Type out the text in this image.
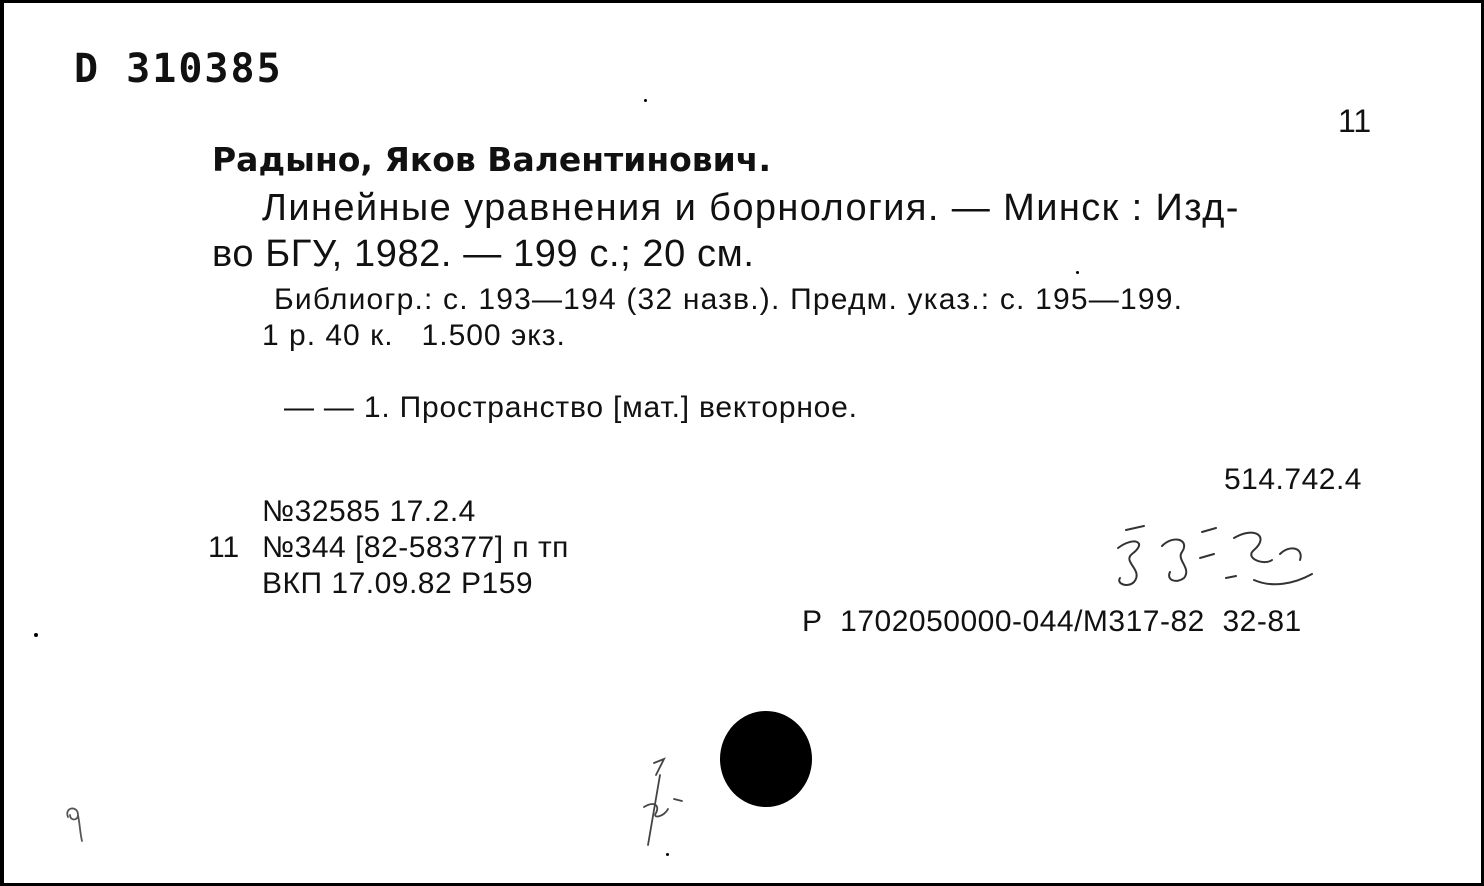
D 310385
11
Радыно, Яков Валентинович.
Линейные уравнения и борнология. — Минск : Изд-
во БГУ, 1982. — 199 с.; 20 см.
Библиогр.: с. 193—194 (32 назв.). Предм. указ.: с. 195—199.
1 р. 40 к.   1.500 экз.
— — 1. Пространство [мат.] векторное.
514.742.4
№32585 17.2.4
11 №344 [82-58377] п тп
ВКП 17.09.82 Р159
Р  1702050000-044/М317-82  32-81
